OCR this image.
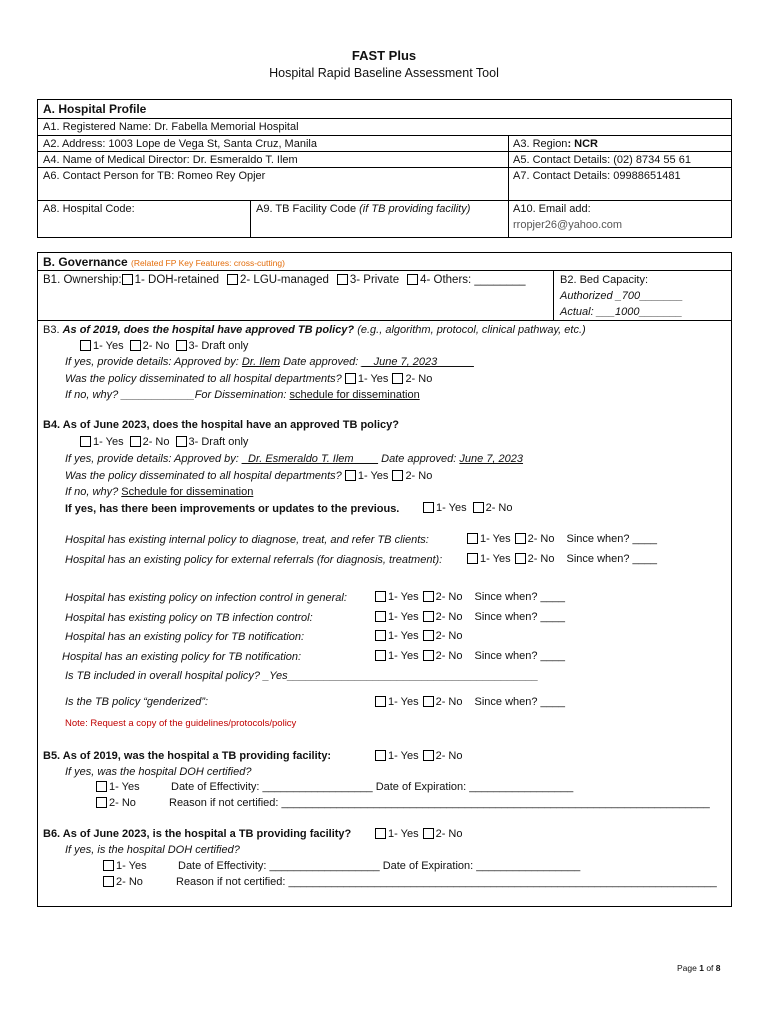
FAST Plus
Hospital Rapid Baseline Assessment Tool
A. Hospital Profile
A1. Registered Name: Dr. Fabella Memorial Hospital
A2. Address: 1003 Lope de Vega St, Santa Cruz, Manila	A3. Region: NCR
A4. Name of Medical Director: Dr. Esmeraldo T. Ilem	A5. Contact Details: (02) 8734 55 61
A6. Contact Person for TB: Romeo Rey Opjer	A7. Contact Details: 09988651481
A8. Hospital Code:	A9. TB Facility Code (if TB providing facility)	A10. Email add:
rropjer26@yahoo.com
B. Governance (Related FP Key Features: cross-cutting)
B1. Ownership: 1- DOH-retained 2- LGU-managed 3- Private 4- Others: ________	B2. Bed Capacity:
Authorized _700_______
Actual: ___1000_______
B3. As of 2019, does the hospital have approved TB policy? (e.g., algorithm, protocol, clinical pathway, etc.)
1- Yes 2- No 3- Draft only
If yes, provide details: Approved by: Dr. Ilem Date approved: __June 7, 2023______
Was the policy disseminated to all hospital departments? 1- Yes 2- No
If no, why? ____________For Dissemination: schedule for dissemination
B4. As of June 2023, does the hospital have an approved TB policy?
1- Yes 2- No 3- Draft only
If yes, provide details: Approved by: _Dr. Esmeraldo T. Ilem____ Date approved: June 7, 2023
Was the policy disseminated to all hospital departments? 1- Yes 2- No
If no, why? Schedule for dissemination
If yes, has there been improvements or updates to the previous.	1- Yes 2- No
Hospital has existing internal policy to diagnose, treat, and refer TB clients:	1- Yes 2- No Since when? ____
Hospital has an existing policy for external referrals (for diagnosis, treatment):	1- Yes 2- No Since when? ____
Hospital has existing policy on infection control in general:	1- Yes 2- No Since when? ____
Hospital has existing policy on TB infection control:	1- Yes 2- No Since when? ____
Hospital has an existing policy for TB notification:	1- Yes 2- No
Hospital has an existing policy for TB notification:	1- Yes 2- No Since when? ____
Is TB included in overall hospital policy? _Yes_________________________________________
Is the TB policy “genderized”:	1- Yes 2- No Since when? ____
Note: Request a copy of the guidelines/protocols/policy
B5. As of 2019, was the hospital a TB providing facility:	1- Yes 2- No
If yes, was the hospital DOH certified?
1- Yes	Date of Effectivity: __________________ Date of Expiration: _________________
2- No	Reason if not certified: ______________________________________________________________________
B6. As of June 2023, is the hospital a TB providing facility?	1- Yes 2- No
If yes, is the hospital DOH certified?
1- Yes	Date of Effectivity: __________________ Date of Expiration: _________________
2- No	Reason if not certified: ______________________________________________________________________
Page 1 of 8
